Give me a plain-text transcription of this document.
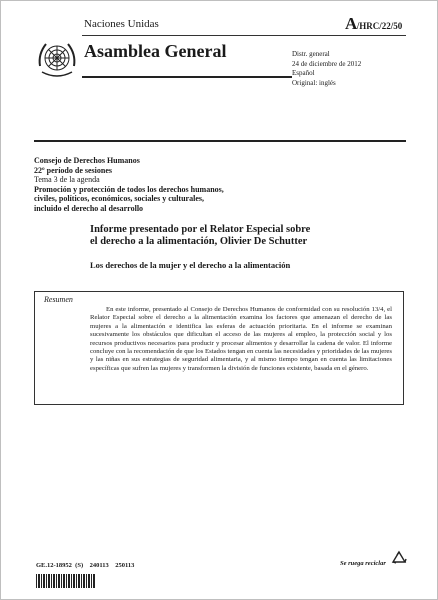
Naciones Unidas	A/HRC/22/50
Asamblea General	Distr. general
24 de diciembre de 2012
Español
Original: inglés
Consejo de Derechos Humanos
22º período de sesiones
Tema 3 de la agenda
Promoción y protección de todos los derechos humanos,
civiles, políticos, económicos, sociales y culturales,
incluido el derecho al desarrollo
Informe presentado por el Relator Especial sobre
el derecho a la alimentación, Olivier De Schutter
Los derechos de la mujer y el derecho a la alimentación
Resumen
En este informe, presentado al Consejo de Derechos Humanos de conformidad con su resolución 13/4, el Relator Especial sobre el derecho a la alimentación examina los factores que amenazan el derecho de las mujeres a la alimentación e identifica las esferas de actuación prioritaria. En el informe se examinan sucesivamente los obstáculos que dificultan el acceso de las mujeres al empleo, la protección social y los recursos productivos necesarios para producir y procesar alimentos y desarrollar la cadena de valor. El informe concluye con la recomendación de que los Estados tengan en cuenta las necesidades y prioridades de las mujeres y las niñas en sus estrategias de seguridad alimentaria, y al mismo tiempo tengan en cuenta las limitaciones específicas que sufren las mujeres y transformen la división de funciones existente, basada en el género.
GE.12-18952  (S)    240113    250113	Se ruega reciclar
